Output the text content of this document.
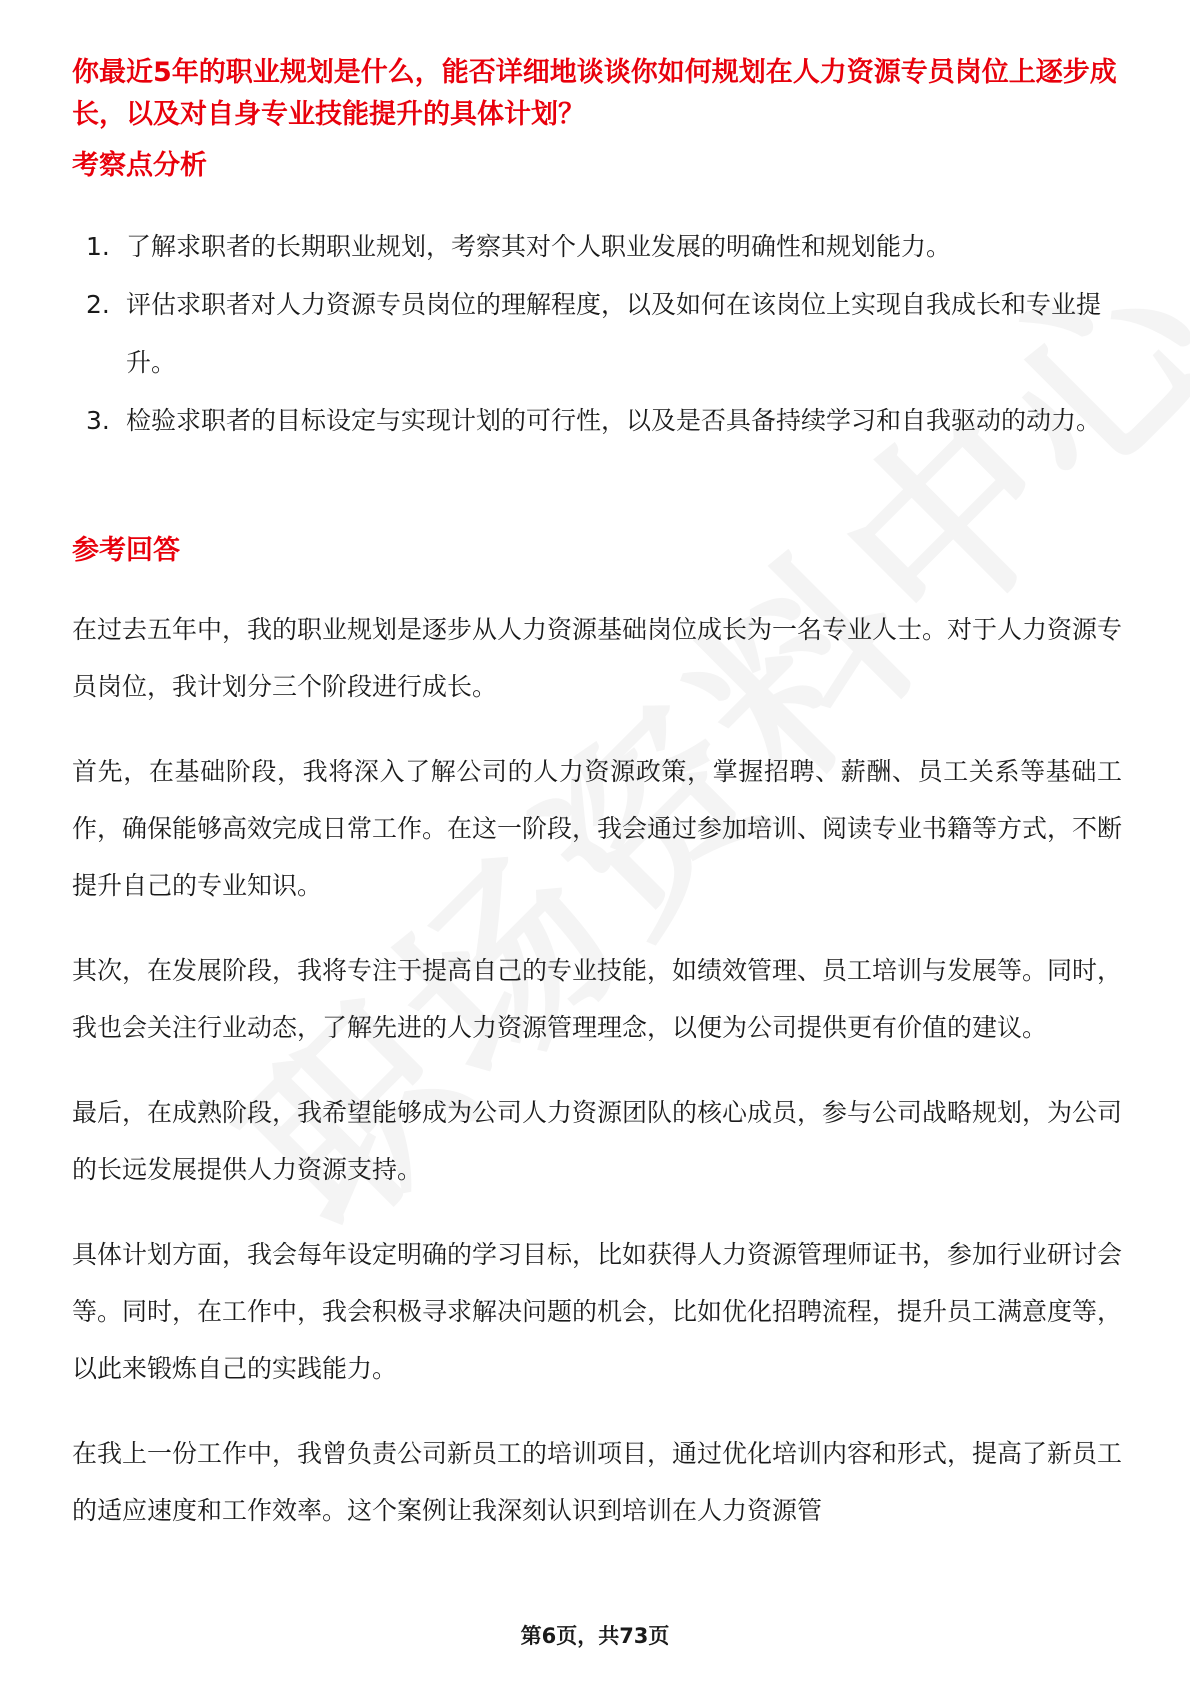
你最近5年的职业规划是什么，能否详细地谈谈你如何规划在人力资源专员岗位上逐步成长，以及对自身专业技能提升的具体计划？
考察点分析
1. 了解求职者的长期职业规划，考察其对个人职业发展的明确性和规划能力。
2. 评估求职者对人力资源专员岗位的理解程度，以及如何在该岗位上实现自我成长和专业提升。
3. 检验求职者的目标设定与实现计划的可行性，以及是否具备持续学习和自我驱动的动力。
参考回答

在过去五年中，我的职业规划是逐步从人力资源基础岗位成长为一名专业人士。对于人力资源专员岗位，我计划分三个阶段进行成长。

首先，在基础阶段，我将深入了解公司的人力资源政策，掌握招聘、薪酬、员工关系等基础工作，确保能够高效完成日常工作。在这一阶段，我会通过参加培训、阅读专业书籍等方式，不断提升自己的专业知识。

其次，在发展阶段，我将专注于提高自己的专业技能，如绩效管理、员工培训与发展等。同时，我也会关注行业动态，了解先进的人力资源管理理念，以便为公司提供更有价值的建议。

最后，在成熟阶段，我希望能够成为公司人力资源团队的核心成员，参与公司战略规划，为公司的长远发展提供人力资源支持。

具体计划方面，我会每年设定明确的学习目标，比如获得人力资源管理师证书，参加行业研讨会等。同时，在工作中，我会积极寻求解决问题的机会，比如优化招聘流程，提升员工满意度等，以此来锻炼自己的实践能力。

在我上一份工作中，我曾负责公司新员工的培训项目，通过优化培训内容和形式，提高了新员工的适应速度和工作效率。这个案例让我深刻认识到培训在人力资源管

第6页，共73页
